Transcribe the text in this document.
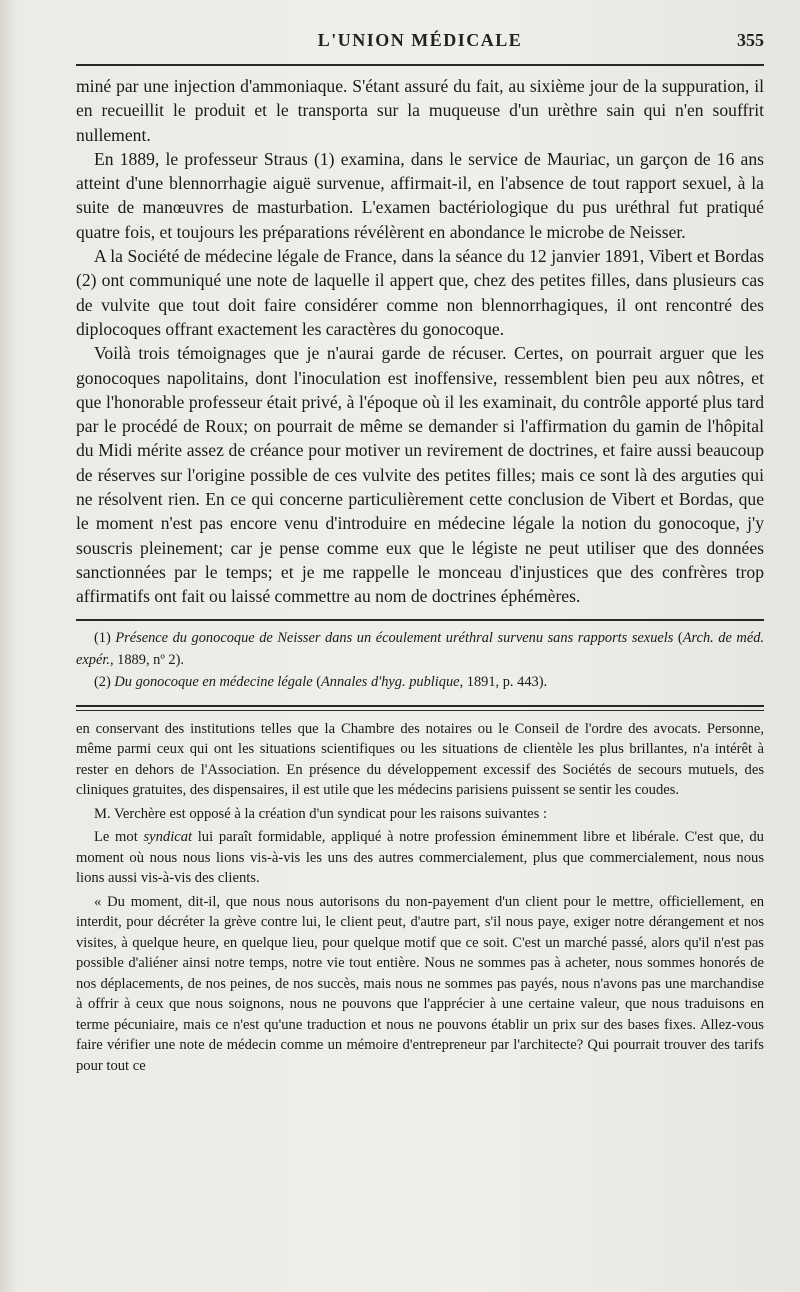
L'UNION MÉDICALE	355

miné par une injection d'ammoniaque. S'étant assuré du fait, au sixième jour de la suppuration, il en recueillit le produit et le transporta sur la muqueuse d'un urèthre sain qui n'en souffrit nullement.

En 1889, le professeur Straus (1) examina, dans le service de Mauriac, un garçon de 16 ans atteint d'une blennorrhagie aiguë survenue, affirmait-il, en l'absence de tout rapport sexuel, à la suite de manœuvres de masturbation. L'examen bactériologique du pus uréthral fut pratiqué quatre fois, et toujours les préparations révélèrent en abondance le microbe de Neisser.

A la Société de médecine légale de France, dans la séance du 12 janvier 1891, Vibert et Bordas (2) ont communiqué une note de laquelle il appert que, chez des petites filles, dans plusieurs cas de vulvite que tout doit faire considérer comme non blennorrhagiques, il ont rencontré des diplocoques offrant exactement les caractères du gonocoque.

Voilà trois témoignages que je n'aurai garde de récuser. Certes, on pourrait arguer que les gonocoques napolitains, dont l'inoculation est inoffensive, ressemblent bien peu aux nôtres, et que l'honorable professeur était privé, à l'époque où il les examinait, du contrôle apporté plus tard par le procédé de Roux; on pourrait de même se demander si l'affirmation du gamin de l'hôpital du Midi mérite assez de créance pour motiver un revirement de doctrines, et faire aussi beaucoup de réserves sur l'origine possible de ces vulvite des petites filles; mais ce sont là des arguties qui ne résolvent rien. En ce qui concerne particulièrement cette conclusion de Vibert et Bordas, que le moment n'est pas encore venu d'introduire en médecine légale la notion du gonocoque, j'y souscris pleinement; car je pense comme eux que le légiste ne peut utiliser que des données sanctionnées par le temps; et je me rappelle le monceau d'injustices que des confrères trop affirmatifs ont fait ou laissé commettre au nom de doctrines éphémères.

(1) Présence du gonocoque de Neisser dans un écoulement uréthral survenu sans rapports sexuels (Arch. de méd. expér., 1889, nº 2).

(2) Du gonocoque en médecine légale (Annales d'hyg. publique, 1891, p. 443).

en conservant des institutions telles que la Chambre des notaires ou le Conseil de l'ordre des avocats. Personne, même parmi ceux qui ont les situations scientifiques ou les situations de clientèle les plus brillantes, n'a intérêt à rester en dehors de l'Association. En présence du développement excessif des Sociétés de secours mutuels, des cliniques gratuites, des dispensaires, il est utile que les médecins parisiens puissent se sentir les coudes.

M. Verchère est opposé à la création d'un syndicat pour les raisons suivantes :

Le mot syndicat lui paraît formidable, appliqué à notre profession éminemment libre et libérale. C'est que, du moment où nous nous lions vis-à-vis les uns des autres commercialement, plus que commercialement, nous nous lions aussi vis-à-vis des clients.

« Du moment, dit-il, que nous nous autorisons du non-payement d'un client pour le mettre, officiellement, en interdit, pour décréter la grève contre lui, le client peut, d'autre part, s'il nous paye, exiger notre dérangement et nos visites, à quelque heure, en quelque lieu, pour quelque motif que ce soit. C'est un marché passé, alors qu'il n'est pas possible d'aliéner ainsi notre temps, notre vie tout entière. Nous ne sommes pas à acheter, nous sommes honorés de nos déplacements, de nos peines, de nos succès, mais nous ne sommes pas payés, nous n'avons pas une marchandise à offrir à ceux que nous soignons, nous ne pouvons que l'apprécier à une certaine valeur, que nous traduisons en terme pécuniaire, mais ce n'est qu'une traduction et nous ne pouvons établir un prix sur des bases fixes. Allez-vous faire vérifier une note de médecin comme un mémoire d'entrepreneur par l'architecte? Qui pourrait trouver des tarifs pour tout ce
